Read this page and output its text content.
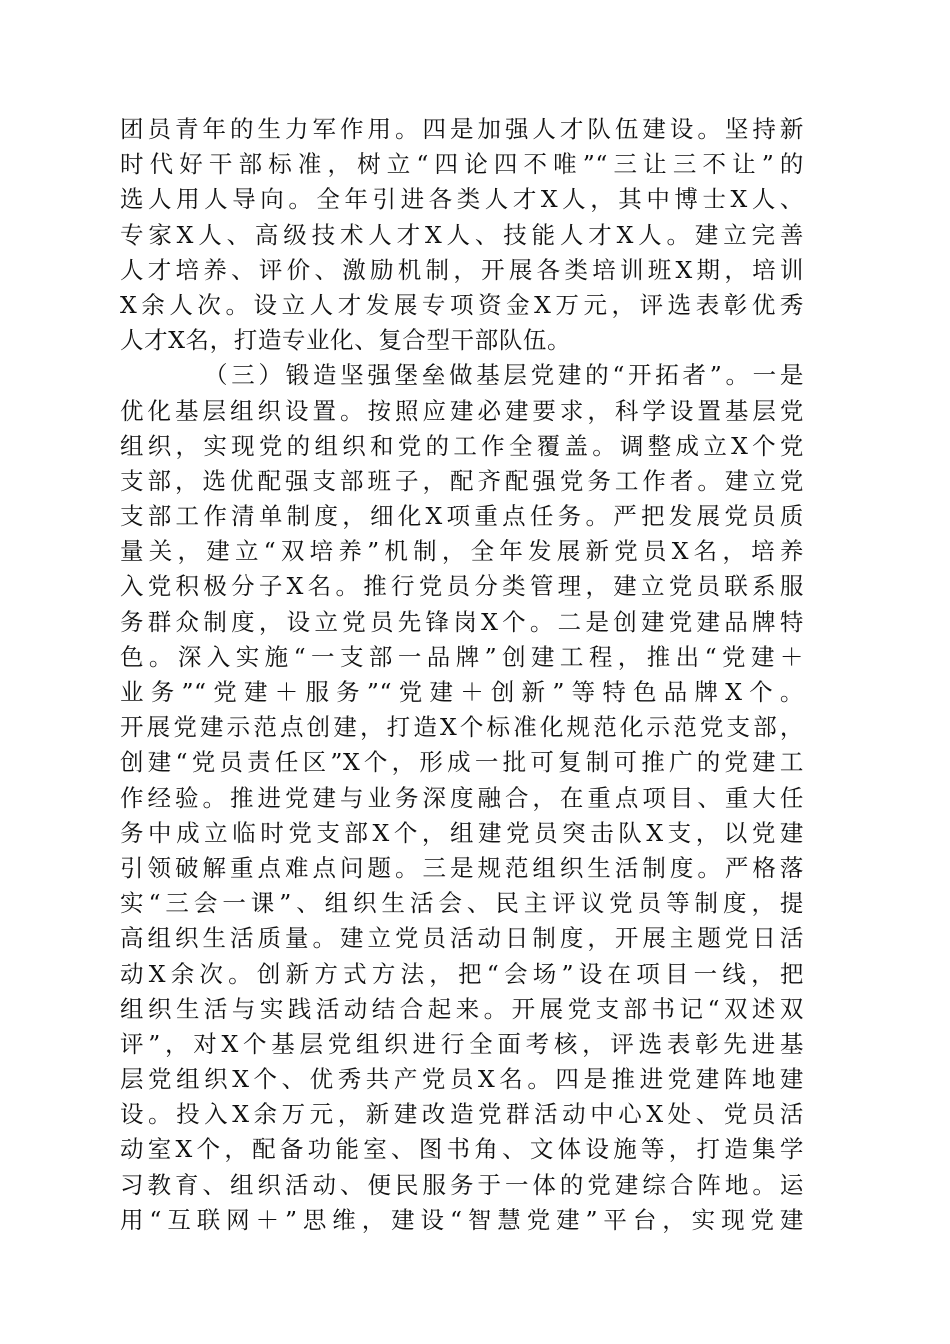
团员青年的生力军作用。四是加强人才队伍建设。坚持新
时代好干部标准，树立“四论四不唯”“三让三不让”的
选人用人导向。全年引进各类人才X人，其中博士X人、
专家X人、高级技术人才X人、技能人才X人。建立完善
人才培养、评价、激励机制，开展各类培训班X期，培训
X余人次。设立人才发展专项资金X万元，评选表彰优秀
人才X名，打造专业化、复合型干部队伍。
（三）锻造坚强堡垒做基层党建的“开拓者”。一是
优化基层组织设置。按照应建必建要求，科学设置基层党
组织，实现党的组织和党的工作全覆盖。调整成立X个党
支部，选优配强支部班子，配齐配强党务工作者。建立党
支部工作清单制度，细化X项重点任务。严把发展党员质
量关，建立“双培养”机制，全年发展新党员X名，培养
入党积极分子X名。推行党员分类管理，建立党员联系服
务群众制度，设立党员先锋岗X个。二是创建党建品牌特
色。深入实施“一支部一品牌”创建工程，推出“党建＋
业务”“党建＋服务”“党建＋创新”等特色品牌X个。
开展党建示范点创建，打造X个标准化规范化示范党支部，
创建“党员责任区”X个，形成一批可复制可推广的党建工
作经验。推进党建与业务深度融合，在重点项目、重大任
务中成立临时党支部X个，组建党员突击队X支，以党建
引领破解重点难点问题。三是规范组织生活制度。严格落
实“三会一课”、组织生活会、民主评议党员等制度，提
高组织生活质量。建立党员活动日制度，开展主题党日活
动X余次。创新方式方法，把“会场”设在项目一线，把
组织生活与实践活动结合起来。开展党支部书记“双述双
评”，对X个基层党组织进行全面考核，评选表彰先进基
层党组织X个、优秀共产党员X名。四是推进党建阵地建
设。投入X余万元，新建改造党群活动中心X处、党员活
动室X个，配备功能室、图书角、文体设施等，打造集学
习教育、组织活动、便民服务于一体的党建综合阵地。运
用“互联网＋”思维，建设“智慧党建”平台，实现党建
